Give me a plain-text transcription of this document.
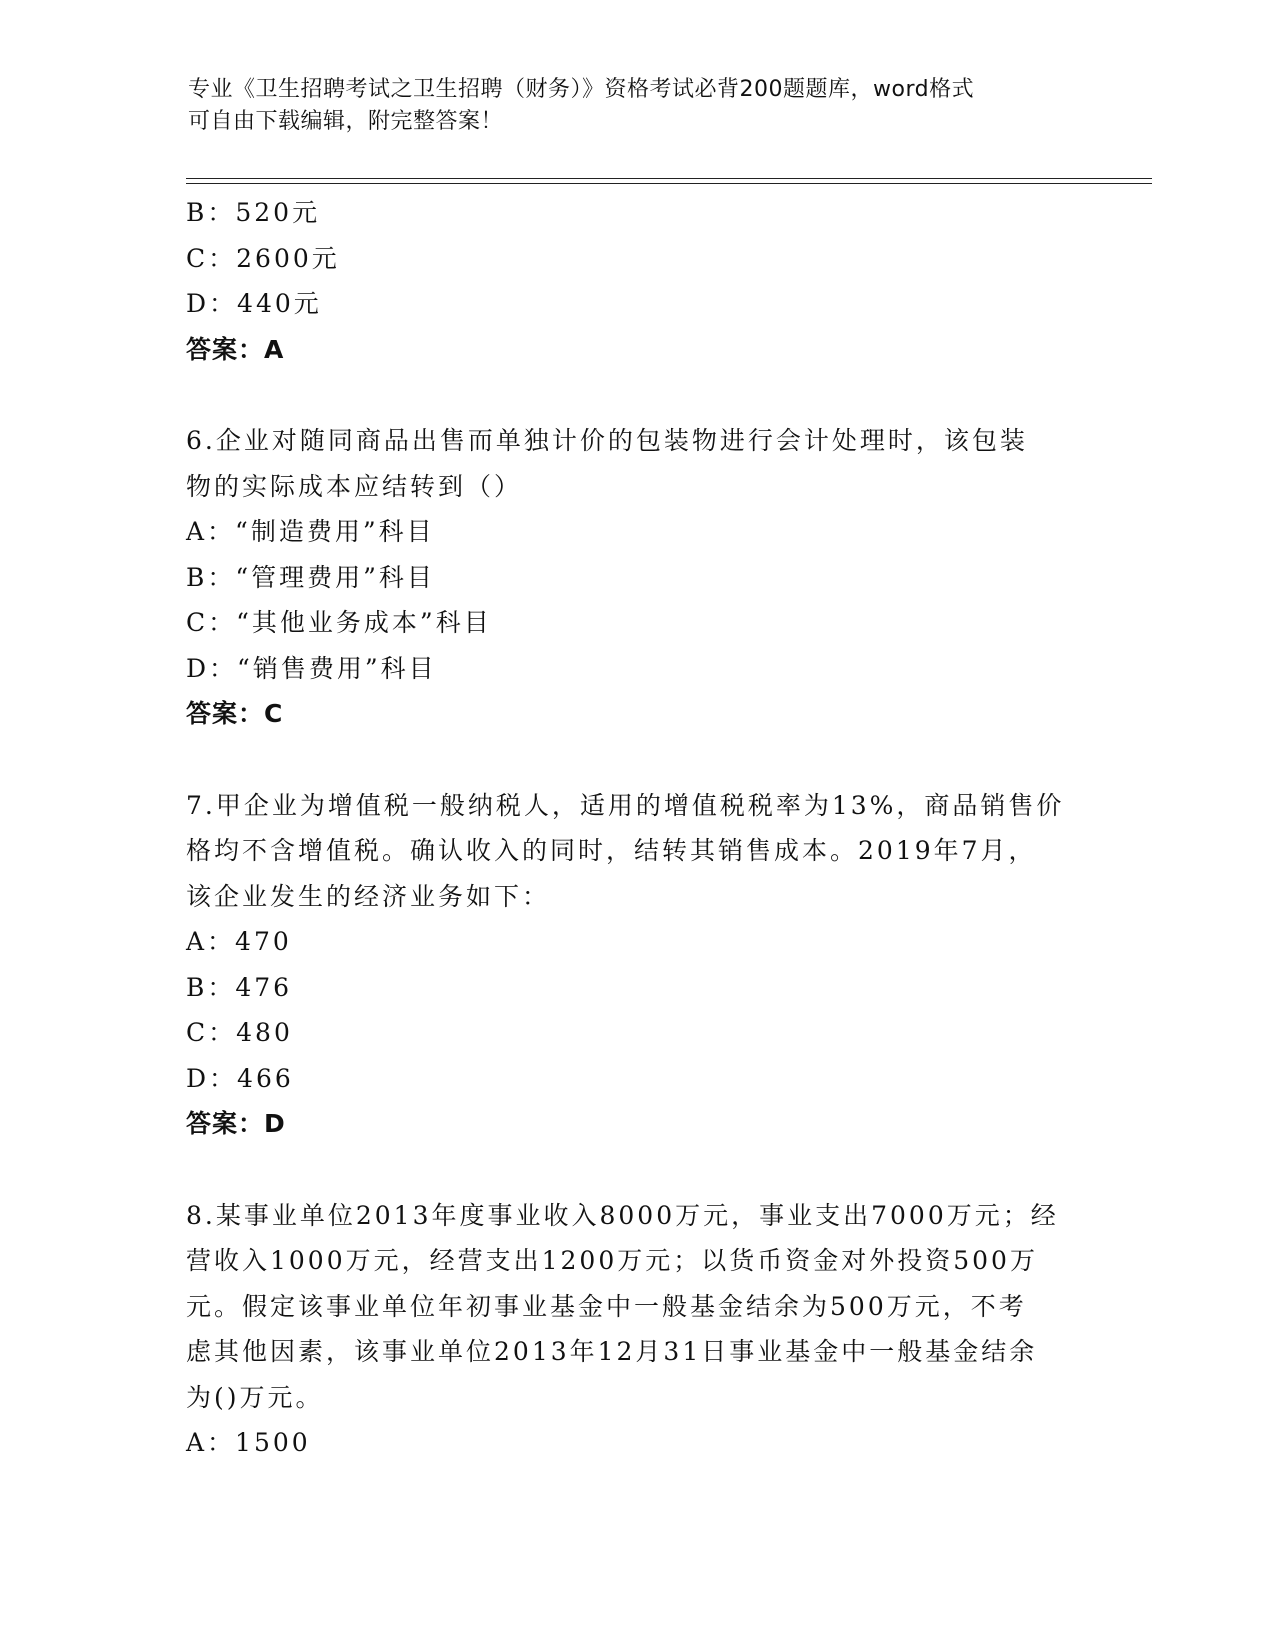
专业《卫生招聘考试之卫生招聘（财务）》资格考试必背200题题库，word格式
可自由下载编辑，附完整答案！
B：520元
C：2600元
D：440元
答案：A
6.企业对随同商品出售而单独计价的包装物进行会计处理时，该包装
物的实际成本应结转到（）
A：“制造费用”科目
B：“管理费用”科目
C：“其他业务成本”科目
D：“销售费用”科目
答案：C
7.甲企业为增值税一般纳税人，适用的增值税税率为13%，商品销售价
格均不含增值税。确认收入的同时，结转其销售成本。2019年7月，
该企业发生的经济业务如下：
A：470
B：476
C：480
D：466
答案：D
8.某事业单位2013年度事业收入8000万元，事业支出7000万元；经
营收入1000万元，经营支出1200万元；以货币资金对外投资500万
元。假定该事业单位年初事业基金中一般基金结余为500万元，不考
虑其他因素，该事业单位2013年12月31日事业基金中一般基金结余
为()万元。
A：1500
